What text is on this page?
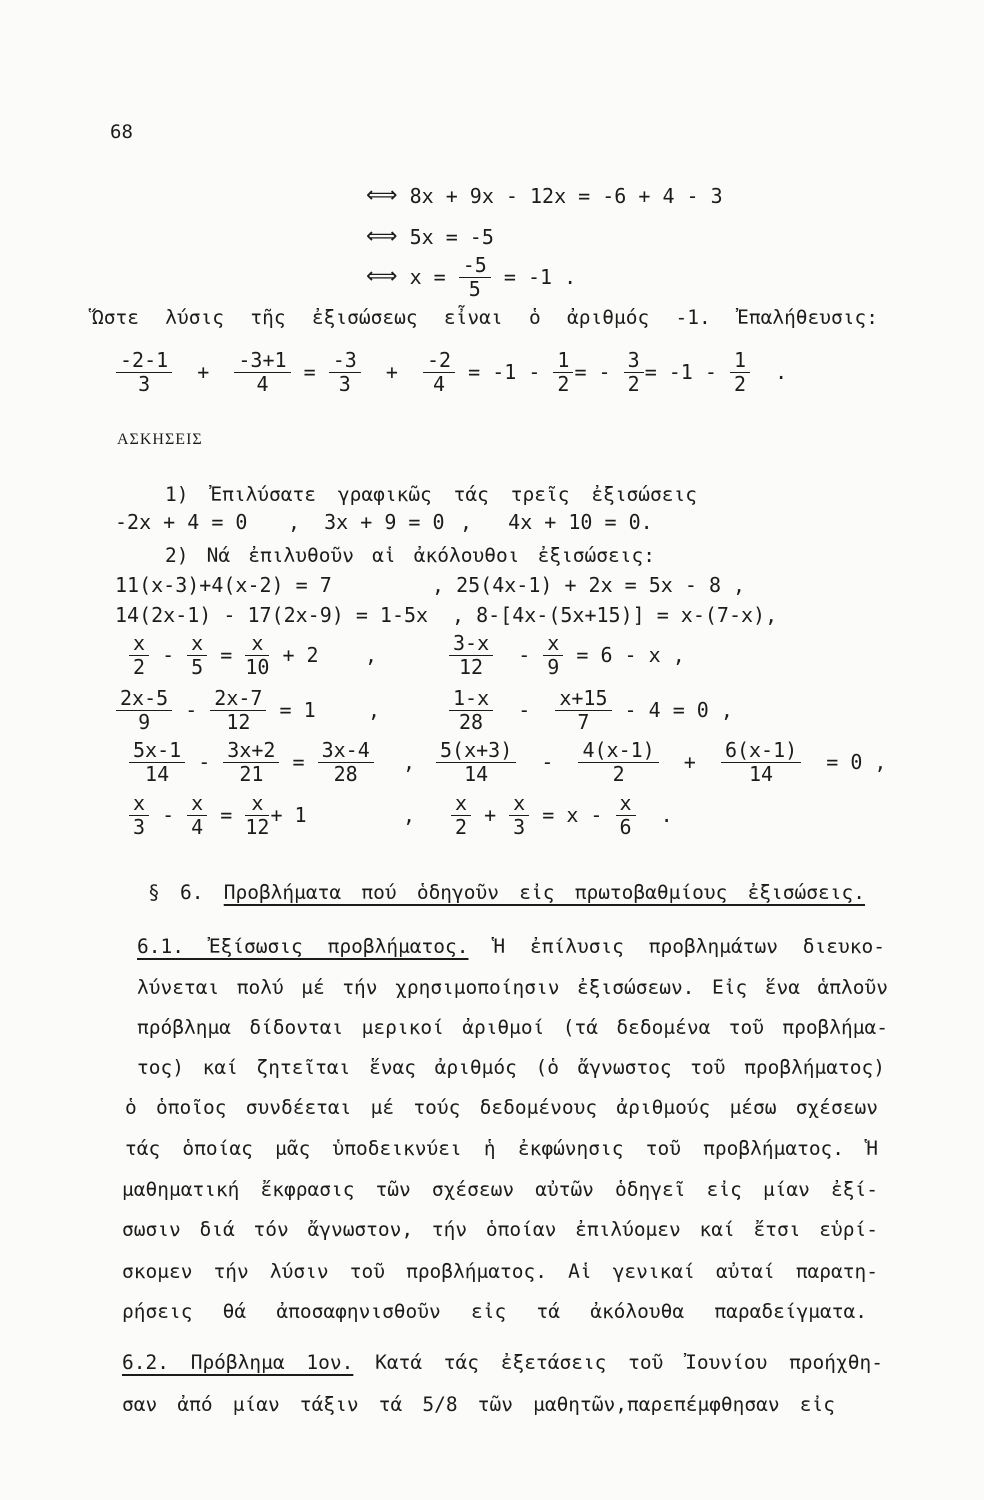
68
⟺ 8x + 9x - 12x = -6 + 4 - 3
⟺ 5x = -5
⟺ $x = \frac{-5}{5} = -1$ .
Ὥστε λύσις τῆς ἐξισώσεως εἶναι ὁ ἀριθμός -1. Ἐπαλήθευσις:
$\frac{-2-1}{3} + \frac{-3+1}{4} = \frac{-3}{3} + \frac{-2}{4} = -1 - \frac{1}{2}$ = - $\frac{3}{2} = -1 - \frac{1}{2}$ .
ΑΣΚΗΣΕΙΣ
1) Ἐπιλύσατε γραφικῶς τάς τρεῖς ἐξισώσεις
-2x + 4 = 0 ,  3x + 9 = 0 ,   4x + 10 = 0.
2) Νά ἐπιλυθοῦν αἱ ἀκόλουθοι ἐξισώσεις:
11(x-3)+4(x-2) = 7	, 25(4x-1) + 2x = 5x - 8 ,
14(2x-1) - 17(2x-9) = 1-5x , 8-[4x-(5x+15)] = x-(7-x),
$\frac{x}{2} - \frac{x}{5} = \frac{x}{10} + 2$ ,	$\frac{3-x}{12} - \frac{x}{9} = 6 - x$ ,
$\frac{2x-5}{9} - \frac{2x-7}{12} = 1$	,	$\frac{1-x}{28} - \frac{x+15}{7} - 4 = 0$ ,
$\frac{5x-1}{14} - \frac{3x+2}{21} = \frac{3x-4}{28}$ , $\frac{5(x+3)}{14} - \frac{4(x-1)}{2} + \frac{6(x-1)}{14} = 0$ ,
$\frac{x}{3} - \frac{x}{4} = \frac{x}{12} + 1$	, $\frac{x}{2} + \frac{x}{3} = x - \frac{x}{6}$ .
§ 6. Προβλήματα πού ὁδηγοῦν εἰς πρωτοβαθμίους ἐξισώσεις.
6.1. Ἐξίσωσις προβλήματος. Ἡ ἐπίλυσις προβλημάτων διευκο-
λύνεται πολύ μέ τήν χρησιμοποίησιν ἐξισώσεων. Εἰς ἕνα ἁπλοῦν
πρόβλημα δίδονται μερικοί ἀριθμοί (τά δεδομένα τοῦ προβλήμα-
τος) καί ζητεῖται ἕνας ἀριθμός (ὁ ἄγνωστος τοῦ προβλήματος)
ὁ ὁποῖος συνδέεται μέ τούς δεδομένους ἀριθμούς μέσω σχέσεων
τάς ὁποίας μᾶς ὑποδεικνύει ἡ ἐκφώνησις τοῦ προβλήματος. Ἡ
μαθηματική ἔκφρασις τῶν σχέσεων αὐτῶν ὁδηγεῖ εἰς μίαν ἐξί-
σωσιν διά τόν ἄγνωστον, τήν ὁποίαν ἐπιλύομεν καί ἔτσι εὑρί-
σκομεν τήν λύσιν τοῦ προβλήματος. Αἱ γενικαί αὐταί παρατη-
ρήσεις θά ἀποσαφηνισθοῦν εἰς τά ἀκόλουθα παραδείγματα.
6.2. Πρόβλημα 1ον. Κατά τάς ἐξετάσεις τοῦ Ἰουνίου προήχθη-
σαν ἀπό μίαν τάξιν τά 5/8 τῶν μαθητῶν,παρεπέμφθησαν εἰς
